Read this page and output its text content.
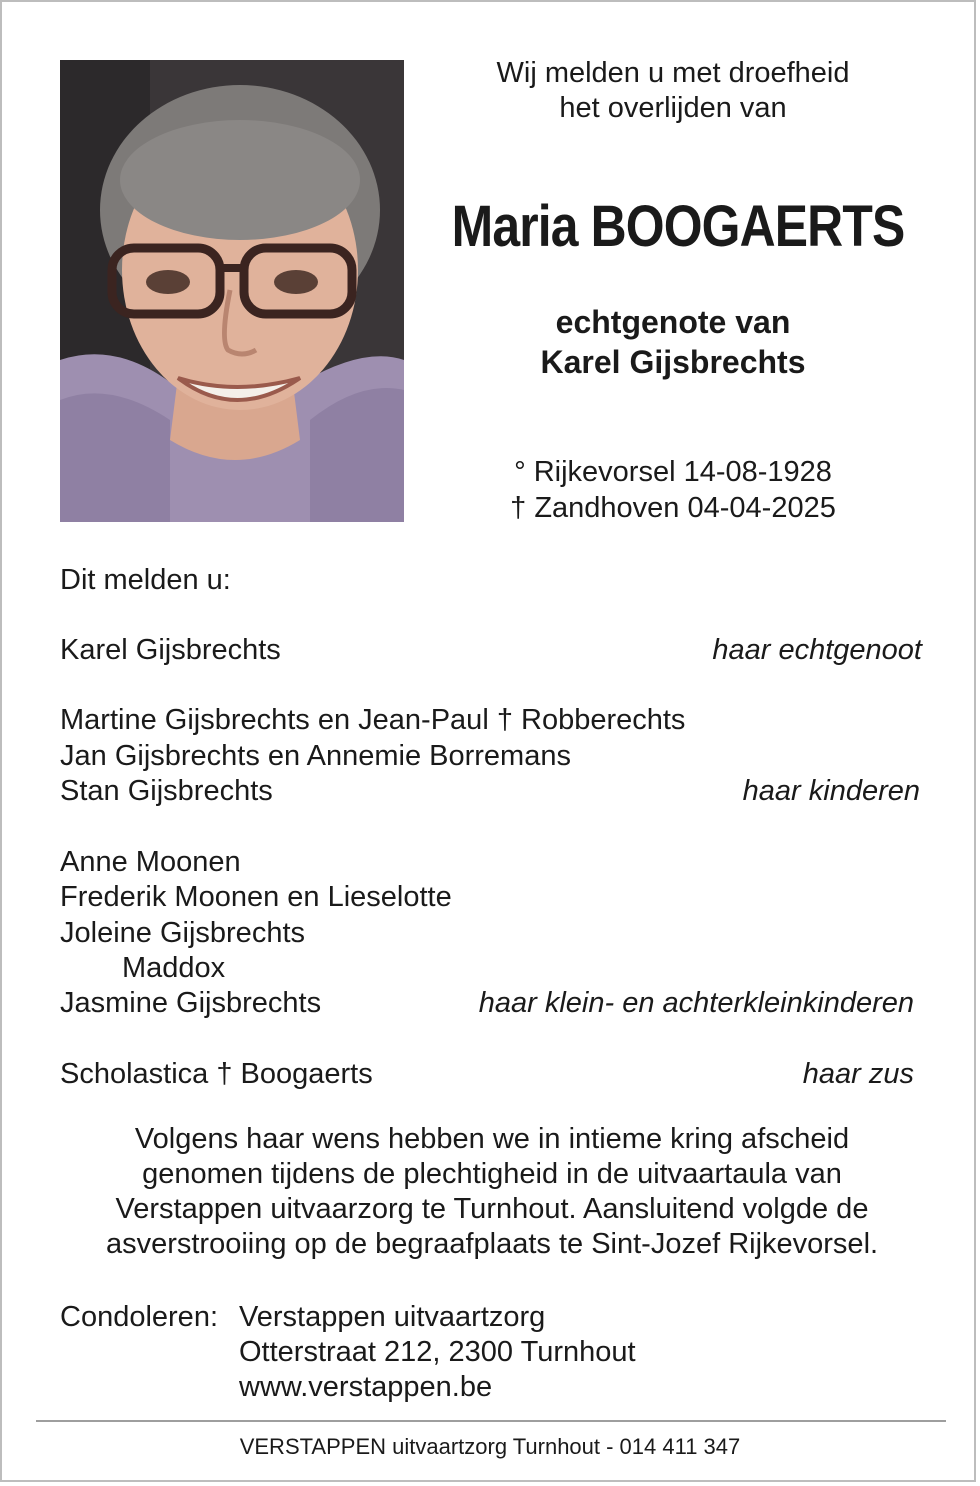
Wij melden u met droefheid
het overlijden van
Maria BOOGAERTS
echtgenote van
Karel Gijsbrechts
° Rijkevorsel 14-08-1928
† Zandhoven 04-04-2025
Dit melden u:
Karel Gijsbrechts	haar echtgenoot
Martine Gijsbrechts en Jean-Paul † Robberechts
Jan Gijsbrechts en Annemie Borremans
Stan Gijsbrechts	haar kinderen
Anne Moonen
Frederik Moonen en Lieselotte
Joleine Gijsbrechts
Maddox
Jasmine Gijsbrechts	haar klein- en achterkleinkinderen
Scholastica † Boogaerts	haar zus
Volgens haar wens hebben we in intieme kring afscheid
genomen tijdens de plechtigheid in de uitvaartaula van
Verstappen uitvaarzorg te Turnhout. Aansluitend volgde de
asverstrooiing op de begraafplaats te Sint-Jozef Rijkevorsel.
Condoleren: Verstappen uitvaartzorg
Otterstraat 212, 2300 Turnhout
www.verstappen.be
VERSTAPPEN uitvaartzorg Turnhout - 014 411 347
